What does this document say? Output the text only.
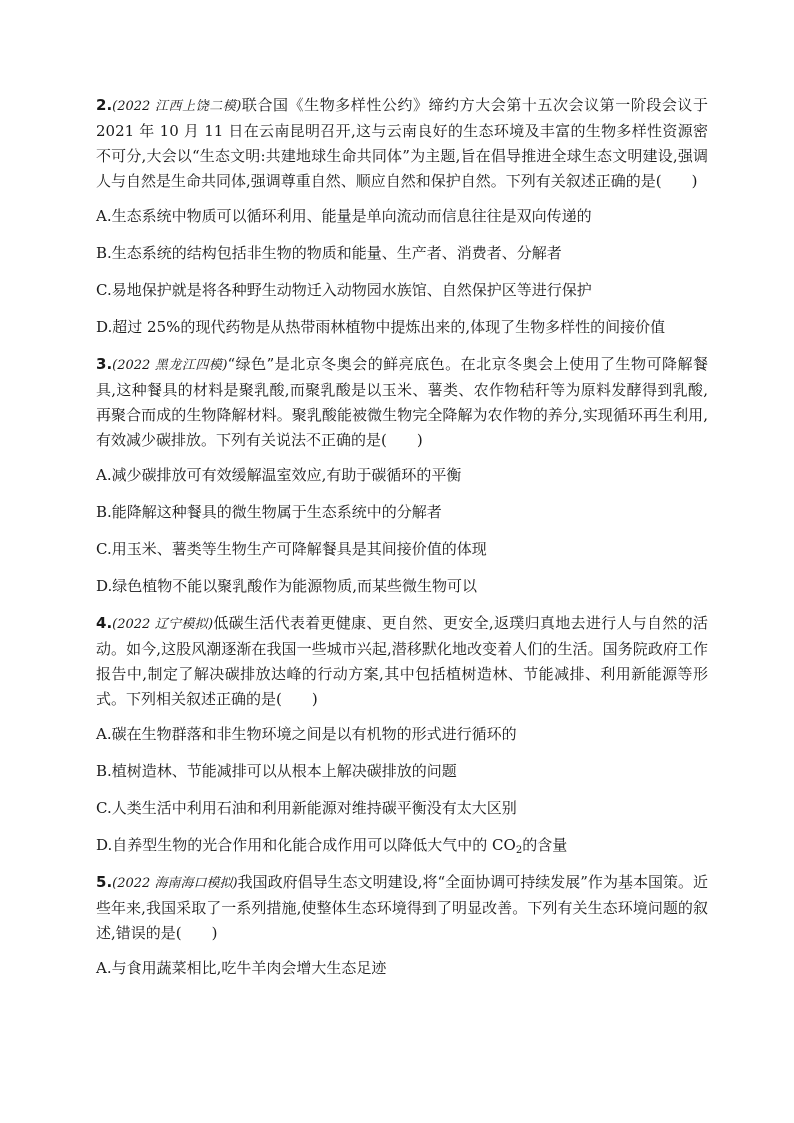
2.(2022 江西上饶二模)联合国《生物多样性公约》缔约方大会第十五次会议第一阶段会议于 2021 年 10 月 11 日在云南昆明召开,这与云南良好的生态环境及丰富的生物多样性资源密不可分,大会以“生态文明:共建地球生命共同体”为主题,旨在倡导推进全球生态文明建设,强调人与自然是生命共同体,强调尊重自然、顺应自然和保护自然。下列有关叙述正确的是(　　)

A.生态系统中物质可以循环利用、能量是单向流动而信息往往是双向传递的

B.生态系统的结构包括非生物的物质和能量、生产者、消费者、分解者

C.易地保护就是将各种野生动物迁入动物园水族馆、自然保护区等进行保护

D.超过 25%的现代药物是从热带雨林植物中提炼出来的,体现了生物多样性的间接价值

3.(2022 黑龙江四模)“绿色”是北京冬奥会的鲜亮底色。在北京冬奥会上使用了生物可降解餐具,这种餐具的材料是聚乳酸,而聚乳酸是以玉米、薯类、农作物秸秆等为原料发酵得到乳酸,再聚合而成的生物降解材料。聚乳酸能被微生物完全降解为农作物的养分,实现循环再生利用,有效减少碳排放。下列有关说法不正确的是(　　)

A.减少碳排放可有效缓解温室效应,有助于碳循环的平衡

B.能降解这种餐具的微生物属于生态系统中的分解者

C.用玉米、薯类等生物生产可降解餐具是其间接价值的体现

D.绿色植物不能以聚乳酸作为能源物质,而某些微生物可以

4.(2022 辽宁模拟)低碳生活代表着更健康、更自然、更安全,返璞归真地去进行人与自然的活动。如今,这股风潮逐渐在我国一些城市兴起,潜移默化地改变着人们的生活。国务院政府工作报告中,制定了解决碳排放达峰的行动方案,其中包括植树造林、节能减排、利用新能源等形式。下列相关叙述正确的是(　　)

A.碳在生物群落和非生物环境之间是以有机物的形式进行循环的

B.植树造林、节能减排可以从根本上解决碳排放的问题

C.人类生活中利用石油和利用新能源对维持碳平衡没有太大区别

D.自养型生物的光合作用和化能合成作用可以降低大气中的 $CO_2$的含量

5.(2022 海南海口模拟)我国政府倡导生态文明建设,将“全面协调可持续发展”作为基本国策。近些年来,我国采取了一系列措施,使整体生态环境得到了明显改善。下列有关生态环境问题的叙述,错误的是(　　)

A.与食用蔬菜相比,吃牛羊肉会增大生态足迹
